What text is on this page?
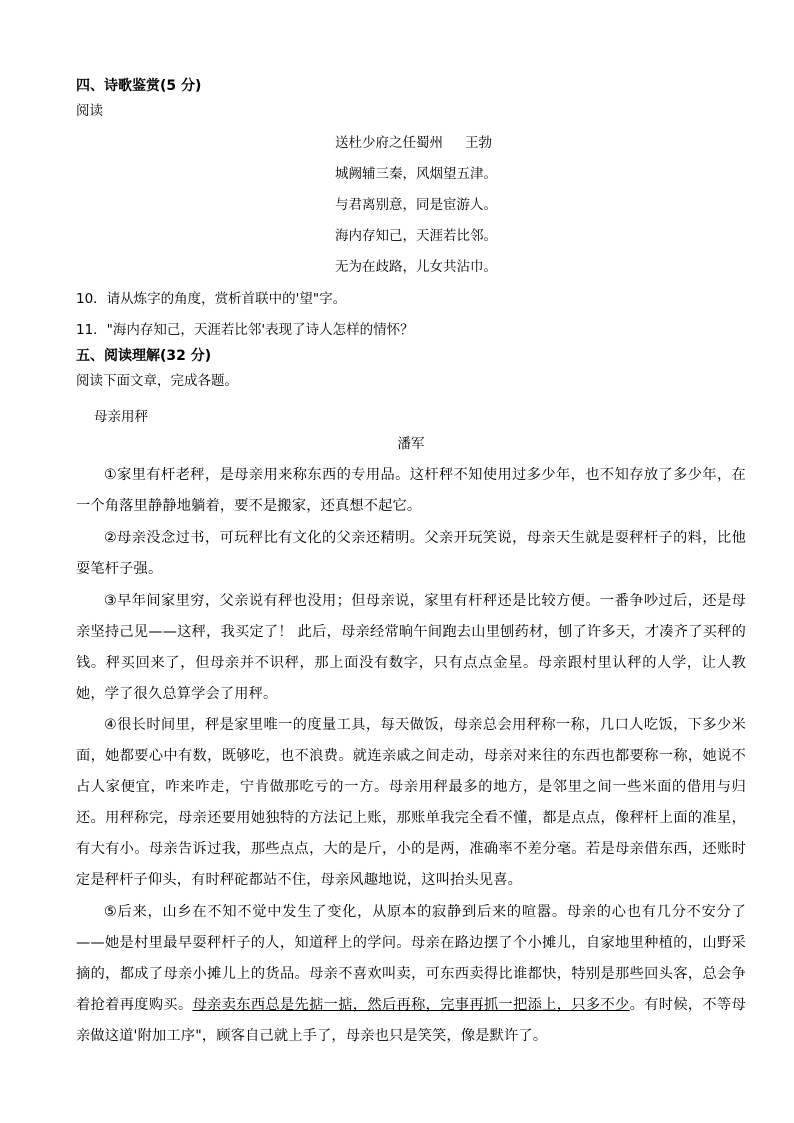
四、诗歌鉴赏(5 分)
阅读
送杜少府之任蜀州 王勃
城阙辅三秦，风烟望五津。
与君离别意，同是宦游人。
海内存知己，天涯若比邻。
无为在歧路，儿女共沾巾。
10．请从炼字的角度，赏析首联中的'望"字。
11．"海内存知己，天涯若比邻'表现了诗人怎样的情怀？
五、阅读理解(32 分)
阅读下面文章，完成各题。
母亲用秤
潘军
①家里有杆老秤，是母亲用来称东西的专用品。这杆秤不知使用过多少年，也不知存放了多少年，在一个角落里静静地躺着，要不是搬家，还真想不起它。
②母亲没念过书，可玩秤比有文化的父亲还精明。父亲开玩笑说，母亲天生就是耍秤杆子的料，比他耍笔杆子强。
③早年间家里穷，父亲说有秤也没用；但母亲说，家里有杆秤还是比较方便。一番争吵过后，还是母亲坚持己见——这秤，我买定了！ 此后，母亲经常晌午间跑去山里刨药材，刨了许多天，才凑齐了买秤的钱。秤买回来了，但母亲并不识秤，那上面没有数字，只有点点金星。母亲跟村里认秤的人学，让人教她，学了很久总算学会了用秤。
④很长时间里，秤是家里唯一的度量工具，每天做饭，母亲总会用秤称一称，几口人吃饭，下多少米面，她都要心中有数，既够吃，也不浪费。就连亲戚之间走动，母亲对来往的东西也都要称一称，她说不占人家便宜，咋来咋走，宁肯做那吃亏的一方。母亲用秤最多的地方，是邻里之间一些米面的借用与归还。用秤称完，母亲还要用她独特的方法记上账，那账单我完全看不懂，都是点点，像秤杆上面的准星，有大有小。母亲告诉过我，那些点点，大的是斤，小的是两，准确率不差分毫。若是母亲借东西，还账时定是秤杆子仰头，有时秤砣都站不住，母亲风趣地说，这叫抬头见喜。
⑤后来，山乡在不知不觉中发生了变化，从原本的寂静到后来的喧嚣。母亲的心也有几分不安分了——她是村里最早耍秤杆子的人，知道秤上的学问。母亲在路边摆了个小摊儿，自家地里种植的，山野采摘的，都成了母亲小摊儿上的货品。母亲不喜欢叫卖，可东西卖得比谁都快，特别是那些回头客，总会争着抢着再度购买。母亲卖东西总是先掂一掂，然后再称，完事再抓一把添上，只多不少。有时候，不等母亲做这道'附加工序"，顾客自己就上手了，母亲也只是笑笑，像是默许了。
